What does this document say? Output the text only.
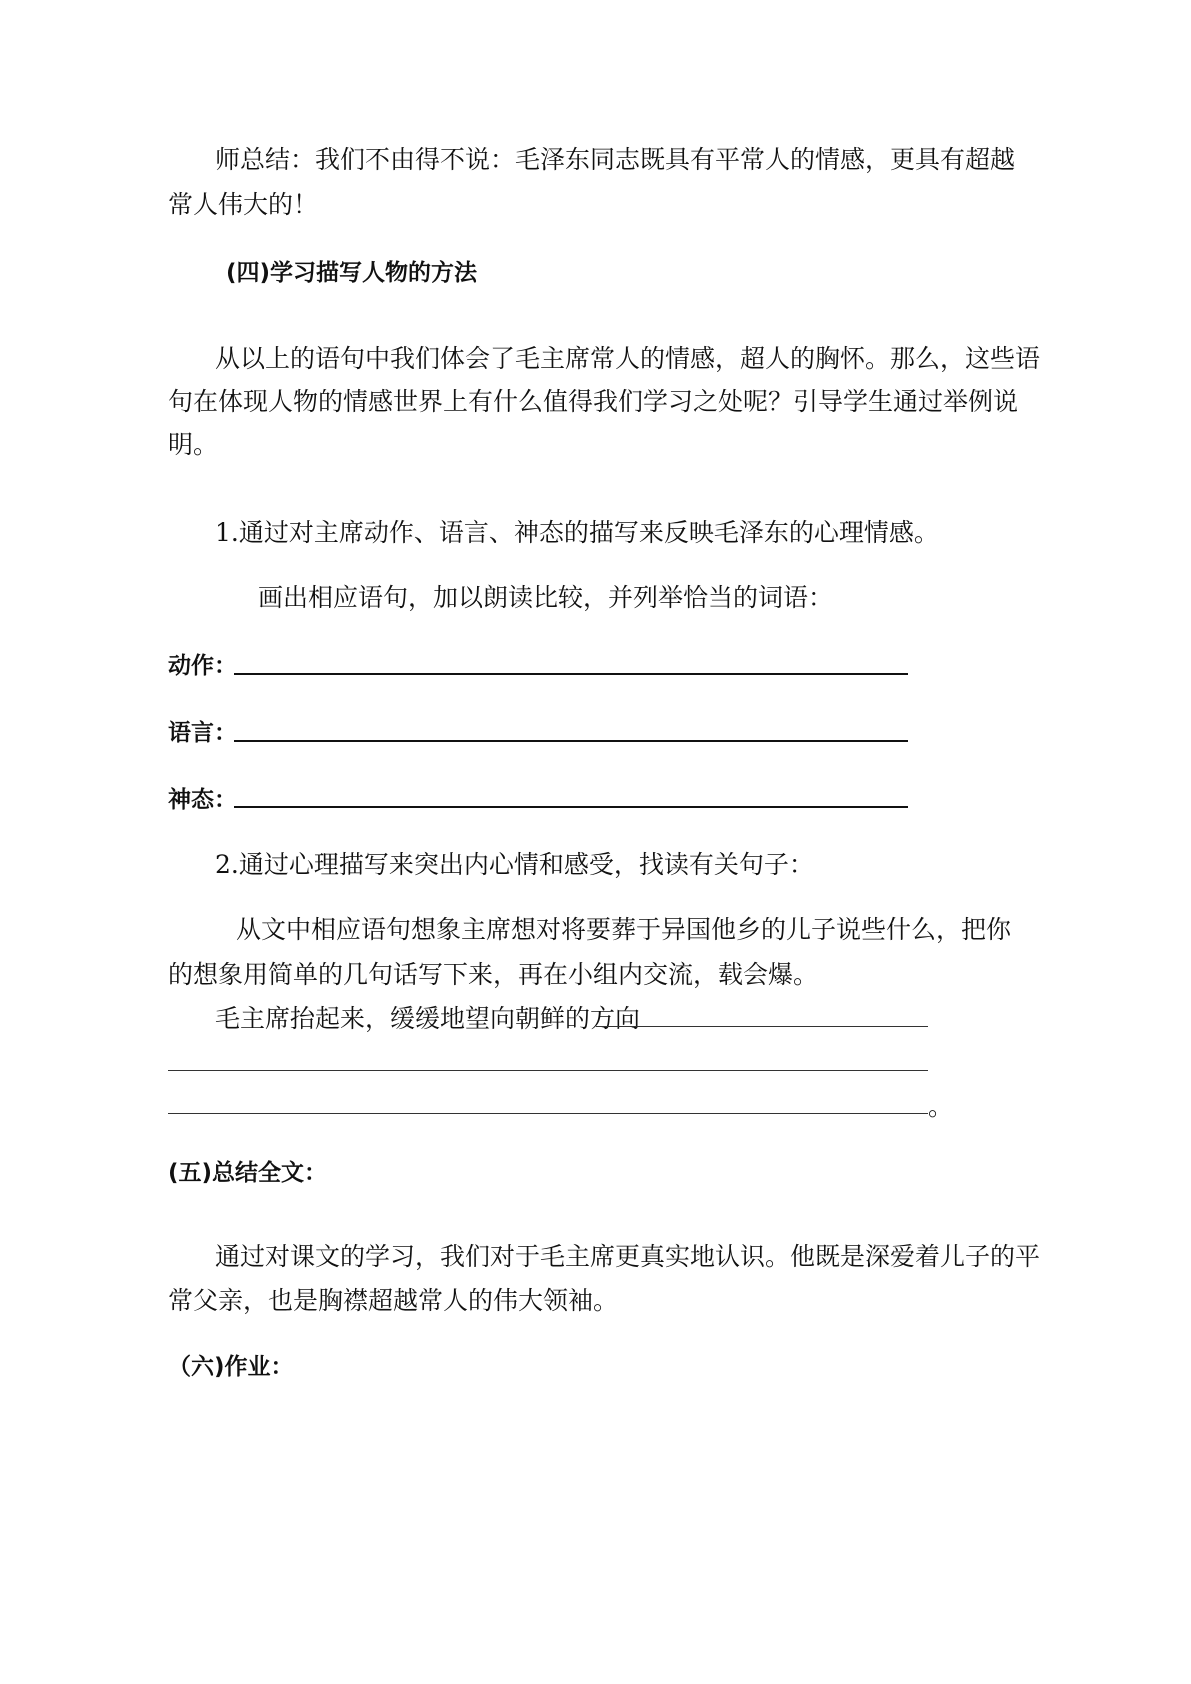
师总结：我们不由得不说：毛泽东同志既具有平常人的情感，更具有超越
常人伟大的！
(四)学习描写人物的方法
从以上的语句中我们体会了毛主席常人的情感，超人的胸怀。那么，这些语
句在体现人物的情感世界上有什么值得我们学习之处呢？引导学生通过举例说
明。
1.通过对主席动作、语言、神态的描写来反映毛泽东的心理情感。
画出相应语句，加以朗读比较，并列举恰当的词语：
动作：
语言：
神态：
2.通过心理描写来突出内心情和感受，找读有关句子：
从文中相应语句想象主席想对将要葬于异国他乡的儿子说些什么，把你
的想象用简单的几句话写下来，再在小组内交流，载会爆。
毛主席抬起来，缓缓地望向朝鲜的方向
。
(五)总结全文：
通过对课文的学习，我们对于毛主席更真实地认识。他既是深爱着儿子的平
常父亲，也是胸襟超越常人的伟大领袖。
（六)作业：
